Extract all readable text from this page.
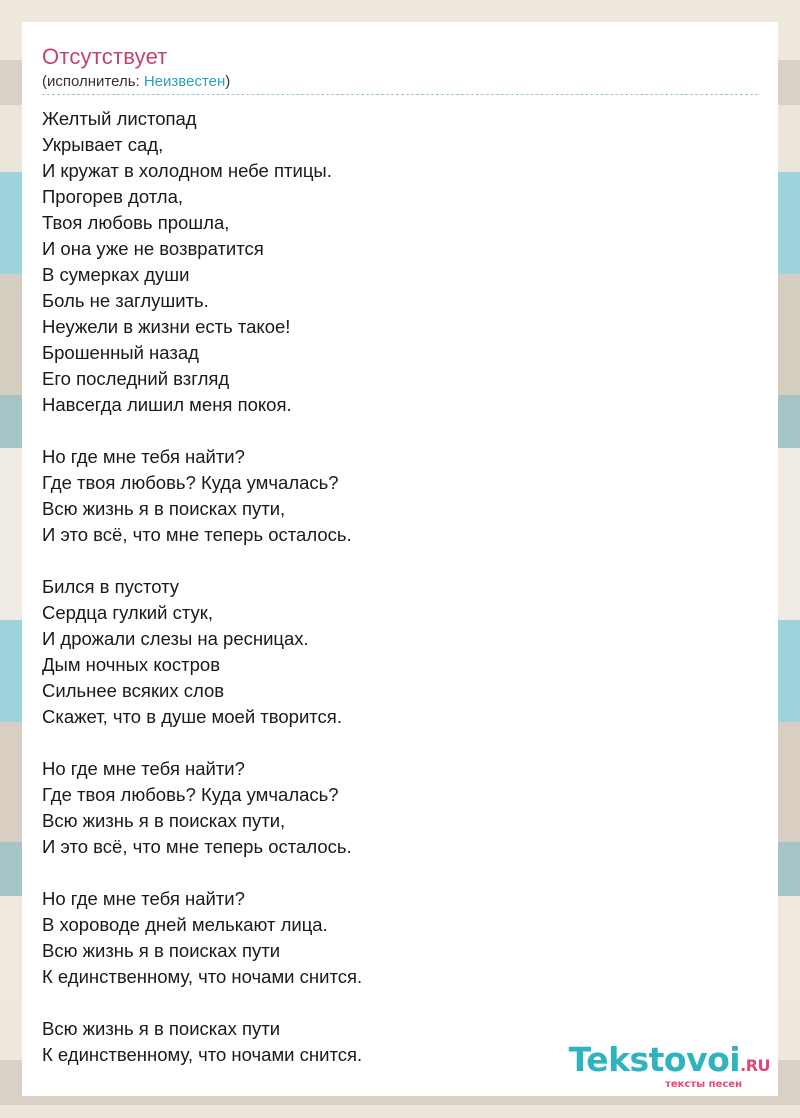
Отсутствует
(исполнитель: Неизвестен)
Желтый листопад
Укрывает сад,
И кружат в холодном небе птицы.
Прогорев дотла,
Твоя любовь прошла,
И она уже не возвратится
В сумерках души
Боль не заглушить.
Неужели в жизни есть такое!
Брошенный назад
Его последний взгляд
Навсегда лишил меня покоя.
Но где мне тебя найти?
Где твоя любовь? Куда умчалась?
Всю жизнь я в поисках пути,
И это всё, что мне теперь осталось.
Бился в пустоту
Сердца гулкий стук,
И дрожали слезы на ресницах.
Дым ночных костров
Сильнее всяких слов
Скажет, что в душе моей творится.
Но где мне тебя найти?
Где твоя любовь? Куда умчалась?
Всю жизнь я в поисках пути,
И это всё, что мне теперь осталось.
Но где мне тебя найти?
В хороводе дней мелькают лица.
Всю жизнь я в поисках пути
К единственному, что ночами снится.
Всю жизнь я в поисках пути
К единственному, что ночами снится.	Tekstovoi.RU
тексты песен
